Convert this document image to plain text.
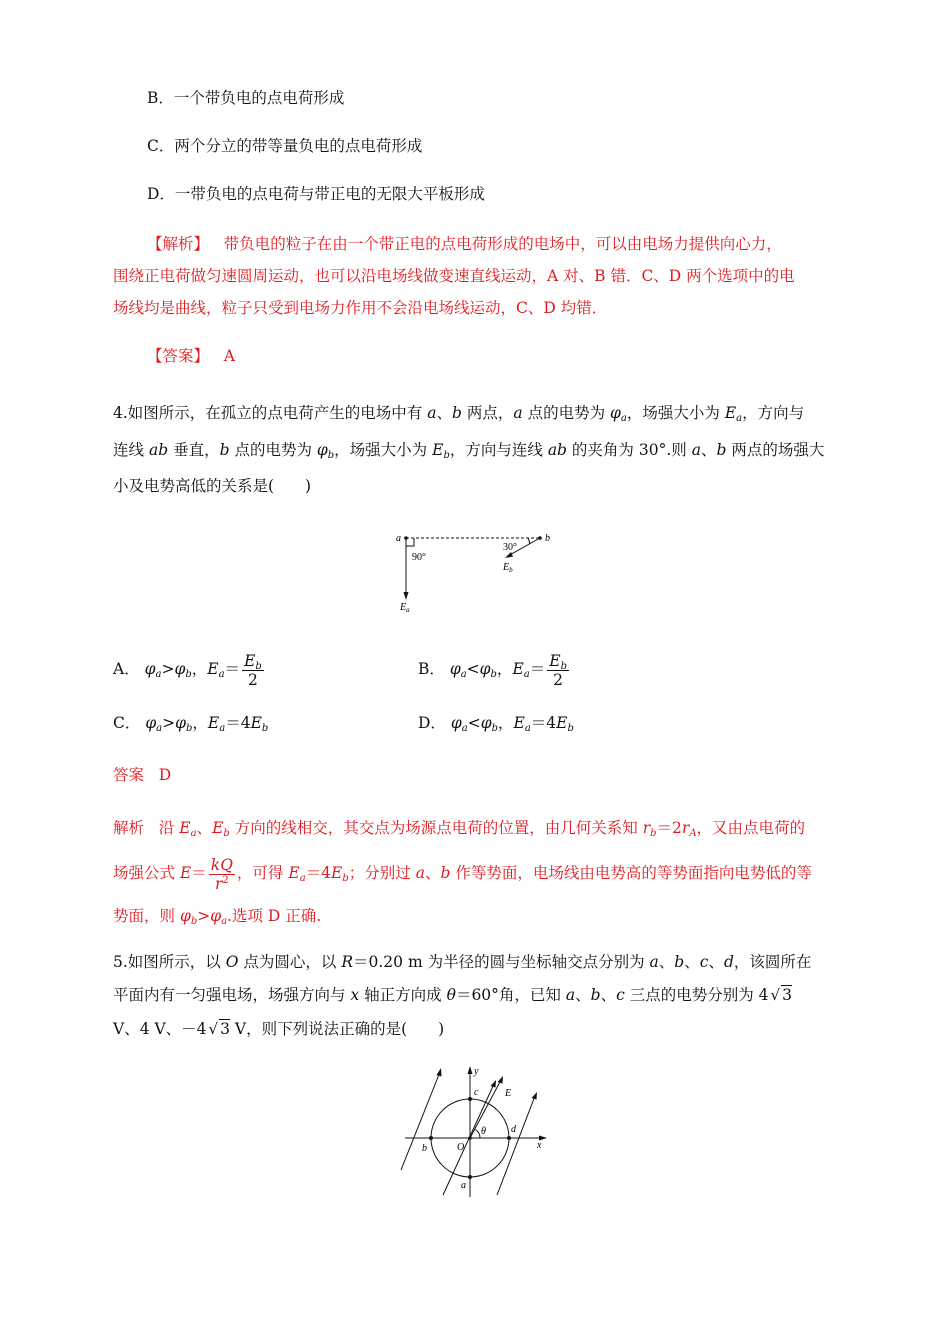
B．一个带负电的点电荷形成
C．两个分立的带等量负电的点电荷形成
D．一带负电的点电荷与带正电的无限大平板形成
【解析】 带负电的粒子在由一个带正电的点电荷形成的电场中，可以由电场力提供向心力，
围绕正电荷做匀速圆周运动，也可以沿电场线做变速直线运动，A 对、B 错．C、D 两个选项中的电
场线均是曲线，粒子只受到电场力作用不会沿电场线运动，C、D 均错．
【答案】 A
4.如图所示，在孤立的点电荷产生的电场中有 a、b 两点，a 点的电势为 $\varphi_a$，场强大小为 $E_a$，方向与
连线 ab 垂直，b 点的电势为 $\varphi_b$，场强大小为 $E_b$，方向与连线 ab 的夹角为 30°.则 a、b 两点的场强大
小及电势高低的关系是(　　)
a	b
90°
30°
$E_a$
$E_b$
A． $\varphi_a>\varphi_b$，$E_a= \frac{E_b}{2}$	B． $\varphi_a<\varphi_b$，$E_a= \frac{E_b}{2}$
C． $\varphi_a>\varphi_b$，$E_a=4E_b$	D． $\varphi_a<\varphi_b$，$E_a=4E_b$
答案 D
解析 沿 $E_a$、$E_b$ 方向的线相交，其交点为场源点电荷的位置，由几何关系知 $r_b=2r_A$，又由点电荷的
场强公式 $E= \frac{kQ}{r^2}$ ，可得 $E_a=4E_b$；分别过 a、b 作等势面，电场线由电势高的等势面指向电势低的等
势面，则 $\varphi_b>\varphi_a$.选项 D 正确.
5.如图所示，以 O 点为圆心，以 R＝0.20 m 为半径的圆与坐标轴交点分别为 a、b、c、d，该圆所在
平面内有一匀强电场，场强方向与 x 轴正方向成 θ＝60°角，已知 a、b、c 三点的电势分别为 4 √ 3
V、4 V、－4 √ 3 V，则下列说法正确的是(　　)
y
x
c	E
θ	d
b	O
a
